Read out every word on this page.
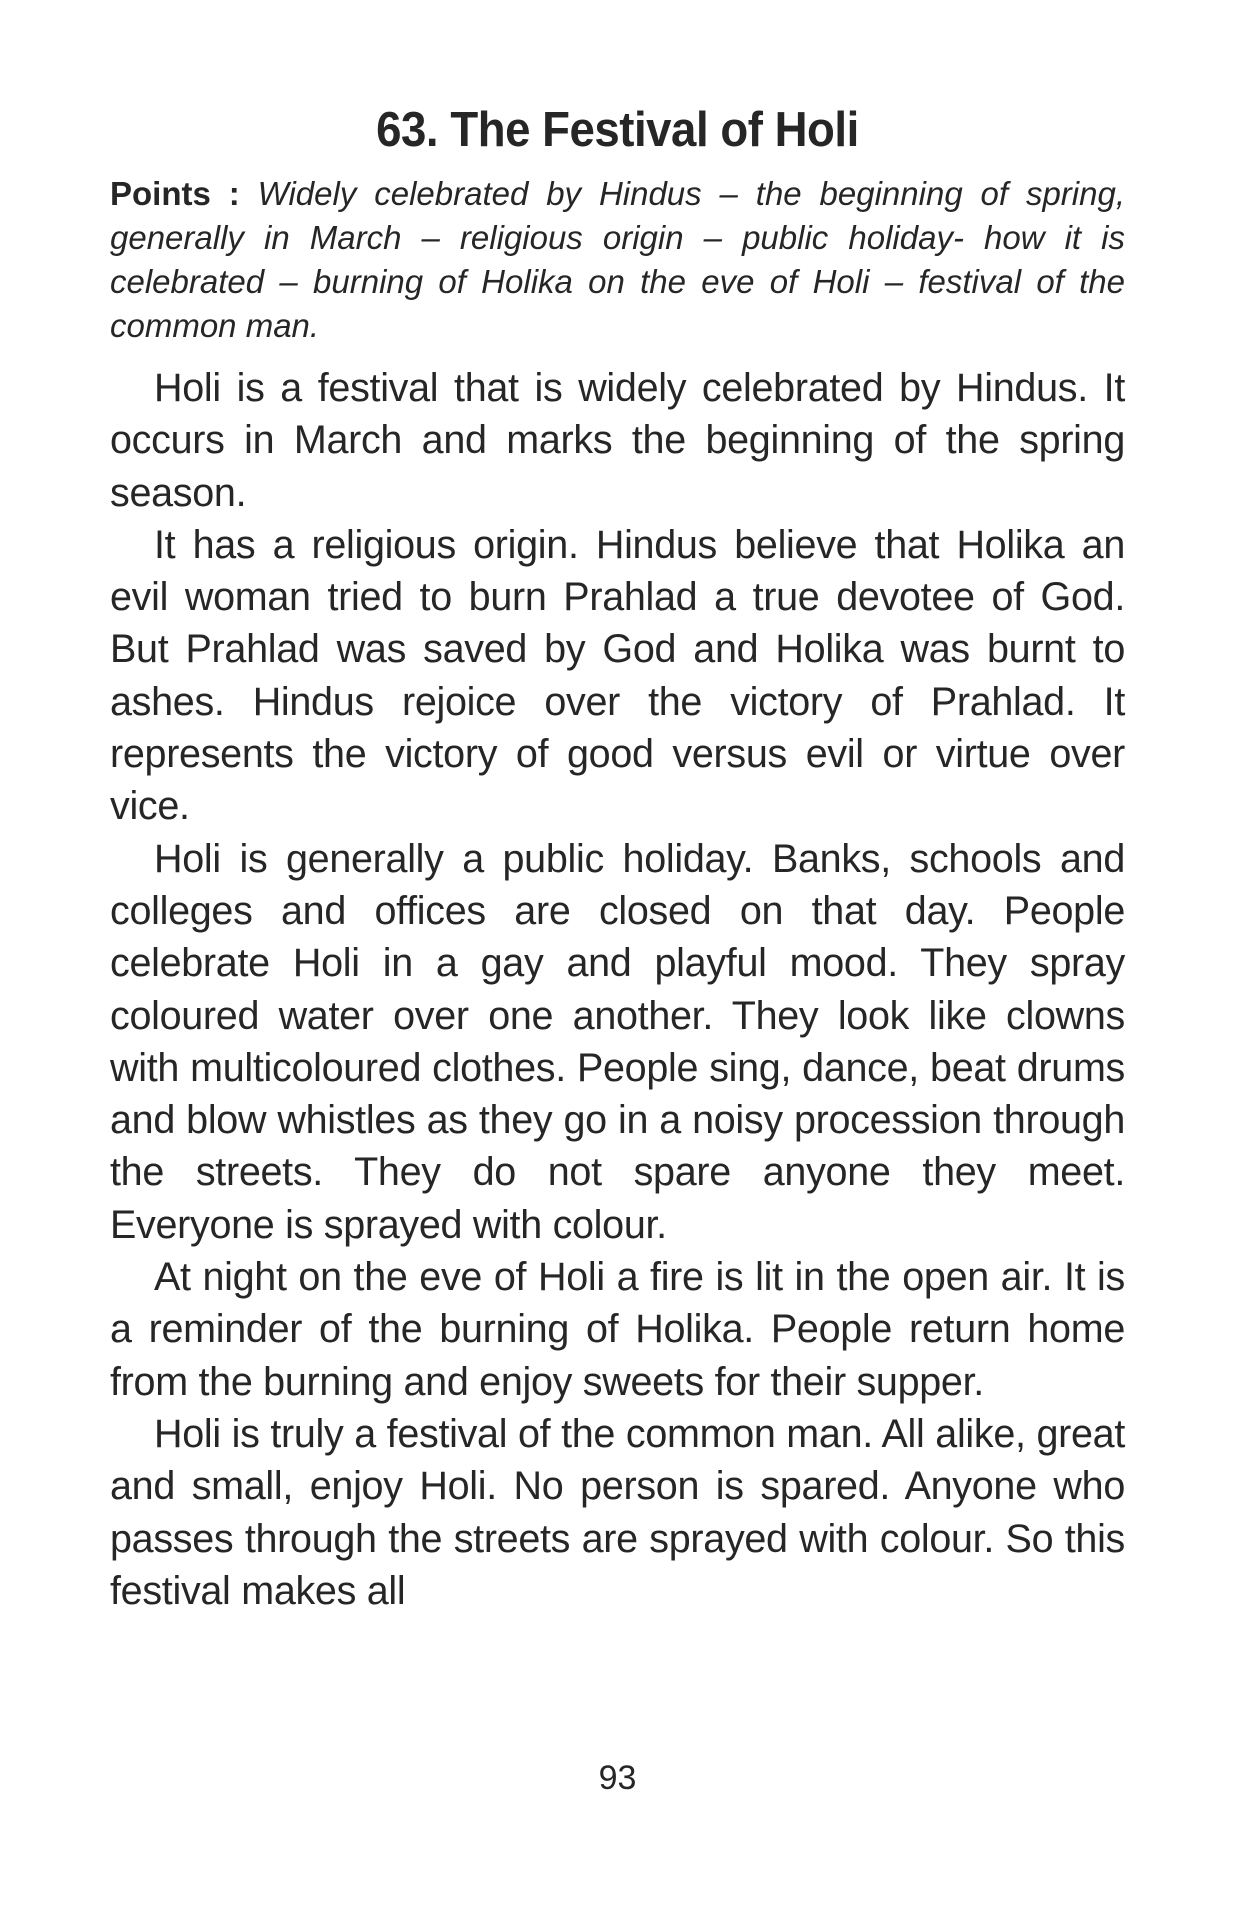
63. The Festival of Holi

Points : Widely celebrated by Hindus – the beginning of spring, generally in March – religious origin – public holiday- how it is celebrated – burning of Holika on the eve of Holi – festival of the common man.

Holi is a festival that is widely celebrated by Hindus. It occurs in March and marks the beginning of the spring season.

It has a religious origin. Hindus believe that Holika an evil woman tried to burn Prahlad a true devotee of God. But Prahlad was saved by God and Holika was burnt to ashes. Hindus rejoice over the victory of Prahlad. It represents the victory of good versus evil or virtue over vice.

Holi is generally a public holiday. Banks, schools and colleges and offices are closed on that day. People celebrate Holi in a gay and playful mood. They spray coloured water over one another. They look like clowns with multicoloured clothes. People sing, dance, beat drums and blow whistles as they go in a noisy procession through the streets. They do not spare anyone they meet. Everyone is sprayed with colour.

At night on the eve of Holi a fire is lit in the open air. It is a reminder of the burning of Holika. People return home from the burning and enjoy sweets for their supper.

Holi is truly a festival of the common man. All alike, great and small, enjoy Holi. No person is spared. Anyone who passes through the streets are sprayed with colour. So this festival makes all

93
